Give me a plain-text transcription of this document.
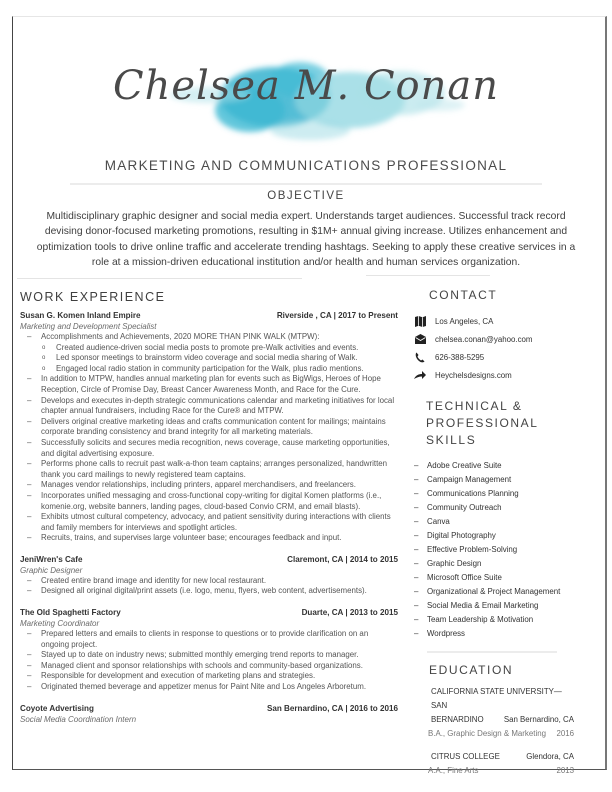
Chelsea M. Conan
MARKETING AND COMMUNICATIONS PROFESSIONAL
OBJECTIVE
Multidisciplinary graphic designer and social media expert. Understands target audiences. Successful track record devising donor-focused marketing promotions, resulting in $1M+ annual giving increase. Utilizes enhancement and optimization tools to drive online traffic and accelerate trending hashtags. Seeking to apply these creative services in a role at a mission-driven educational institution and/or health and human services organization.
WORK EXPERIENCE
Susan G. Komen Inland Empire	Riverside , CA | 2017 to Present
Marketing and Development Specialist
– Accomplishments and Achievements, 2020 MORE THAN PINK WALK (MTPW):
o Created audience-driven social media posts to promote pre-Walk activities and events.
o Led sponsor meetings to brainstorm video coverage and social media sharing of Walk.
o Engaged local radio station in community participation for the Walk, plus radio mentions.
– In addition to MTPW, handles annual marketing plan for events such as BigWigs, Heroes of Hope Reception, Circle of Promise Day, Breast Cancer Awareness Month, and Race for the Cure.
– Develops and executes in-depth strategic communications calendar and marketing initiatives for local chapter annual fundraisers, including Race for the Cure® and MTPW.
– Delivers original creative marketing ideas and crafts communication content for mailings; maintains corporate branding consistency and brand integrity for all marketing materials.
– Successfully solicits and secures media recognition, news coverage, cause marketing opportunities, and digital advertising exposure.
– Performs phone calls to recruit past walk-a-thon team captains; arranges personalized, handwritten thank you card mailings to newly registered team captains.
– Manages vendor relationships, including printers, apparel merchandisers, and freelancers.
– Incorporates unified messaging and cross-functional copy-writing for digital Komen platforms (i.e., komenie.org, website banners, landing pages, cloud-based Convio CRM, and email blasts).
– Exhibits utmost cultural competency, advocacy, and patient sensitivity during interactions with clients and family members for interviews and spotlight articles.
– Recruits, trains, and supervises large volunteer base; encourages feedback and input.
JeniWren's Cafe	Claremont, CA | 2014 to 2015
Graphic Designer
– Created entire brand image and identity for new local restaurant.
– Designed all original digital/print assets (i.e. logo, menu, flyers, web content, advertisements).
The Old Spaghetti Factory	Duarte, CA | 2013 to 2015
Marketing Coordinator
– Prepared letters and emails to clients in response to questions or to provide clarification on an ongoing project.
– Stayed up to date on industry news; submitted monthly emerging trend reports to manager.
– Managed client and sponsor relationships with schools and community-based organizations.
– Responsible for development and execution of marketing plans and strategies.
– Originated themed beverage and appetizer menus for Paint Nite and Los Angeles Arboretum.
Coyote Advertising	San Bernardino, CA | 2016 to 2016
Social Media Coordination Intern
CONTACT
Los Angeles, CA
chelsea.conan@yahoo.com
626-388-5295
Heychelsdesigns.com
TECHNICAL &
PROFESSIONAL SKILLS
– Adobe Creative Suite
– Campaign Management
– Communications Planning
– Community Outreach
– Canva
– Digital Photography
– Effective Problem-Solving
– Graphic Design
– Microsoft Office Suite
– Organizational & Project Management
– Social Media & Email Marketing
– Team Leadership & Motivation
– Wordpress
EDUCATION
CALIFORNIA STATE UNIVERSITY—SAN
BERNARDINO	San Bernardino, CA
B.A., Graphic Design & Marketing 2016
CITRUS COLLEGE	Glendora, CA
A.A., Fine Arts	2013
